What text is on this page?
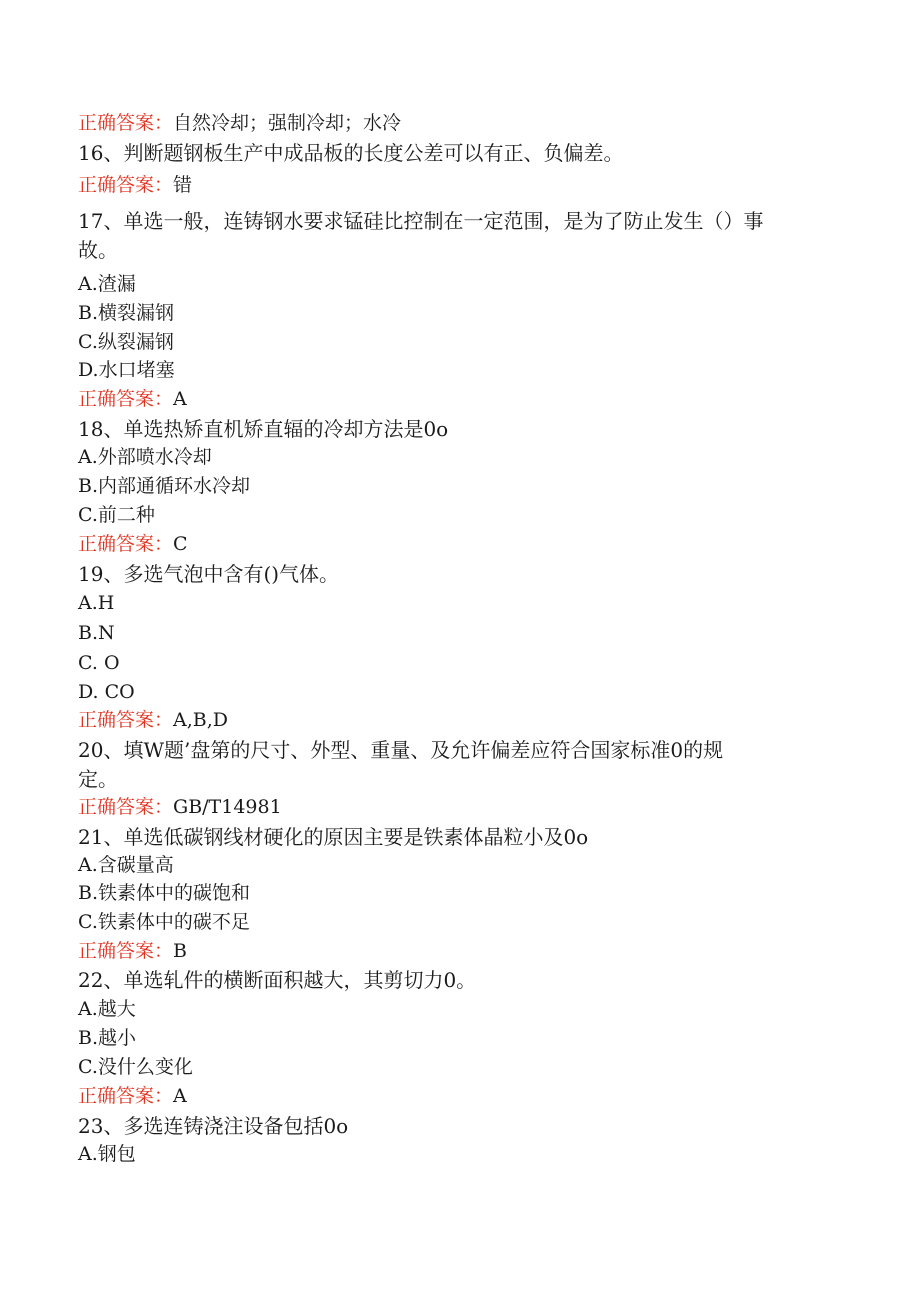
正确答案：自然冷却；强制冷却；水冷
16、判断题钢板生产中成品板的长度公差可以有正、负偏差。
正确答案：错
17、单选一般，连铸钢水要求锰硅比控制在一定范围，是为了防止发生（）事
故。
A.渣漏
B.横裂漏钢
C.纵裂漏钢
D.水口堵塞
正确答案：A
18、单选热矫直机矫直辐的冷却方法是0o
A.外部喷水冷却
B.内部通循环水冷却
C.前二种
正确答案：C
19、多选气泡中含有()气体。
A.H
B.N
C. O
D. CO
正确答案：A,B,D
20、填W题’盘第的尺寸、外型、重量、及允许偏差应符合国家标准0的规
定。
正确答案：GB/T14981
21、单选低碳钢线材硬化的原因主要是铁素体晶粒小及0o
A.含碳量高
B.铁素体中的碳饱和
C.铁素体中的碳不足
正确答案：B
22、单选轧件的横断面积越大，其剪切力0。
A.越大
B.越小
C.没什么变化
正确答案：A
23、多选连铸浇注设备包括0o
A.钢包
